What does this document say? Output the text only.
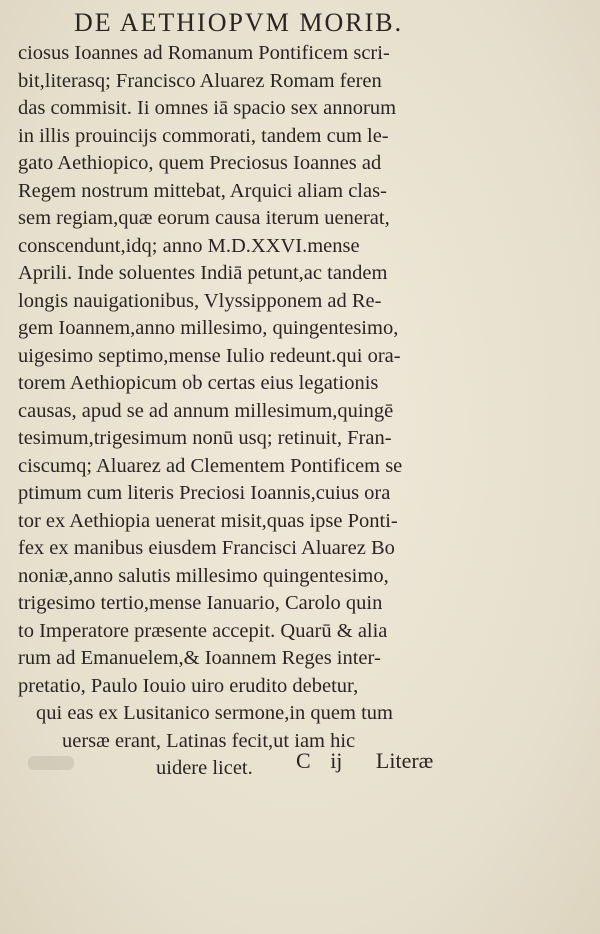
DE AETHIOPVM MORIB.
ciosus Ioannes ad Romanum Pontificem scri-
bit,literasq; Francisco Aluarez Romam feren
das commisit. Ii omnes iā spacio sex annorum
in illis prouincijs commorati, tandem cum le-
gato Aethiopico, quem Preciosus Ioannes ad
Regem nostrum mittebat, Arquici aliam clas-
sem regiam,quæ eorum causa iterum uenerat,
conscendunt,idq; anno M.D.XXVI.mense
Aprili. Inde soluentes Indiā petunt,ac tandem
longis nauigationibus, Vlyssipponem ad Re-
gem Ioannem,anno millesimo, quingentesimo,
uigesimo septimo,mense Iulio redeunt.qui ora-
torem Aethiopicum ob certas eius legationis
causas, apud se ad annum millesimum,quingē
tesimum,trigesimum nonū usq; retinuit, Fran-
ciscumq; Aluarez ad Clementem Pontificem se
ptimum cum literis Preciosi Ioannis,cuius ora
tor ex Aethiopia uenerat misit,quas ipse Ponti-
fex ex manibus eiusdem Francisci Aluarez Bo
noniæ,anno salutis millesimo quingentesimo,
trigesimo tertio,mense Ianuario, Carolo quin
to Imperatore præsente accepit. Quarū & alia
rum ad Emanuelem,& Ioannem Reges inter-
pretatio, Paulo Iouio uiro erudito debetur,
qui eas ex Lusitanico sermone,in quem tum
uersæ erant, Latinas fecit,ut iam hic
uidere licet.	C ij Literæ
